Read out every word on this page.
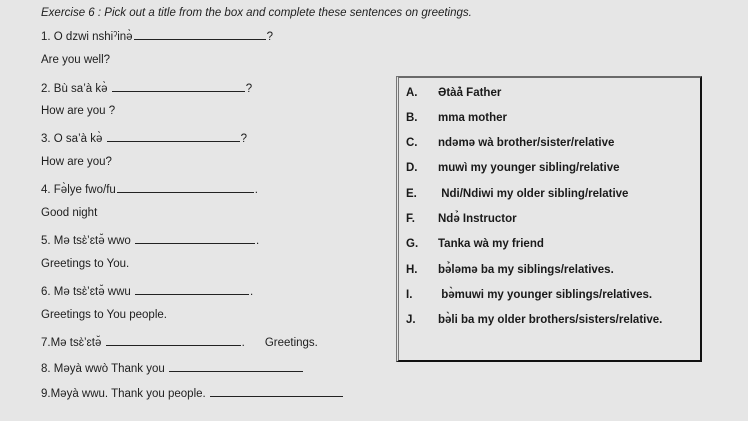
Exercise 6 : Pick out a title from the box and complete these sentences on greetings.
1. O dzwi nshiˀinə̀	?
Are you well?
2. Bù sa’à kə̀	?
How are you ?
3. O sa’à kə̀	?
How are you?
4. Fə̀lye fwo/fu	.
Good night
5. Mə tsɛ̀’ɛtə̆ wwo	.
Greetings to You.
6. Mə tsɛ̀’ɛtə̆ wwu	.
Greetings to You people.
7.Mə tsɛ̀’ɛtə̆	. Greetings.
8. Məyà wwò Thank you
9.Məyà wwu. Thank you people.
A. Ətàà̉ Father
B. mma mother
C. ndəmə wà brother/sister/relative
D. muwì my younger sibling/relative
E. Ndi/Ndiwi my older sibling/relative
F. Ndə̉ Instructor
G. Tanka wà my friend
H. bə̉ləmə ba my siblings/relatives.
I. bə̀muwi my younger siblings/relatives.
J. bə̀li ba my older brothers/sisters/relative.
